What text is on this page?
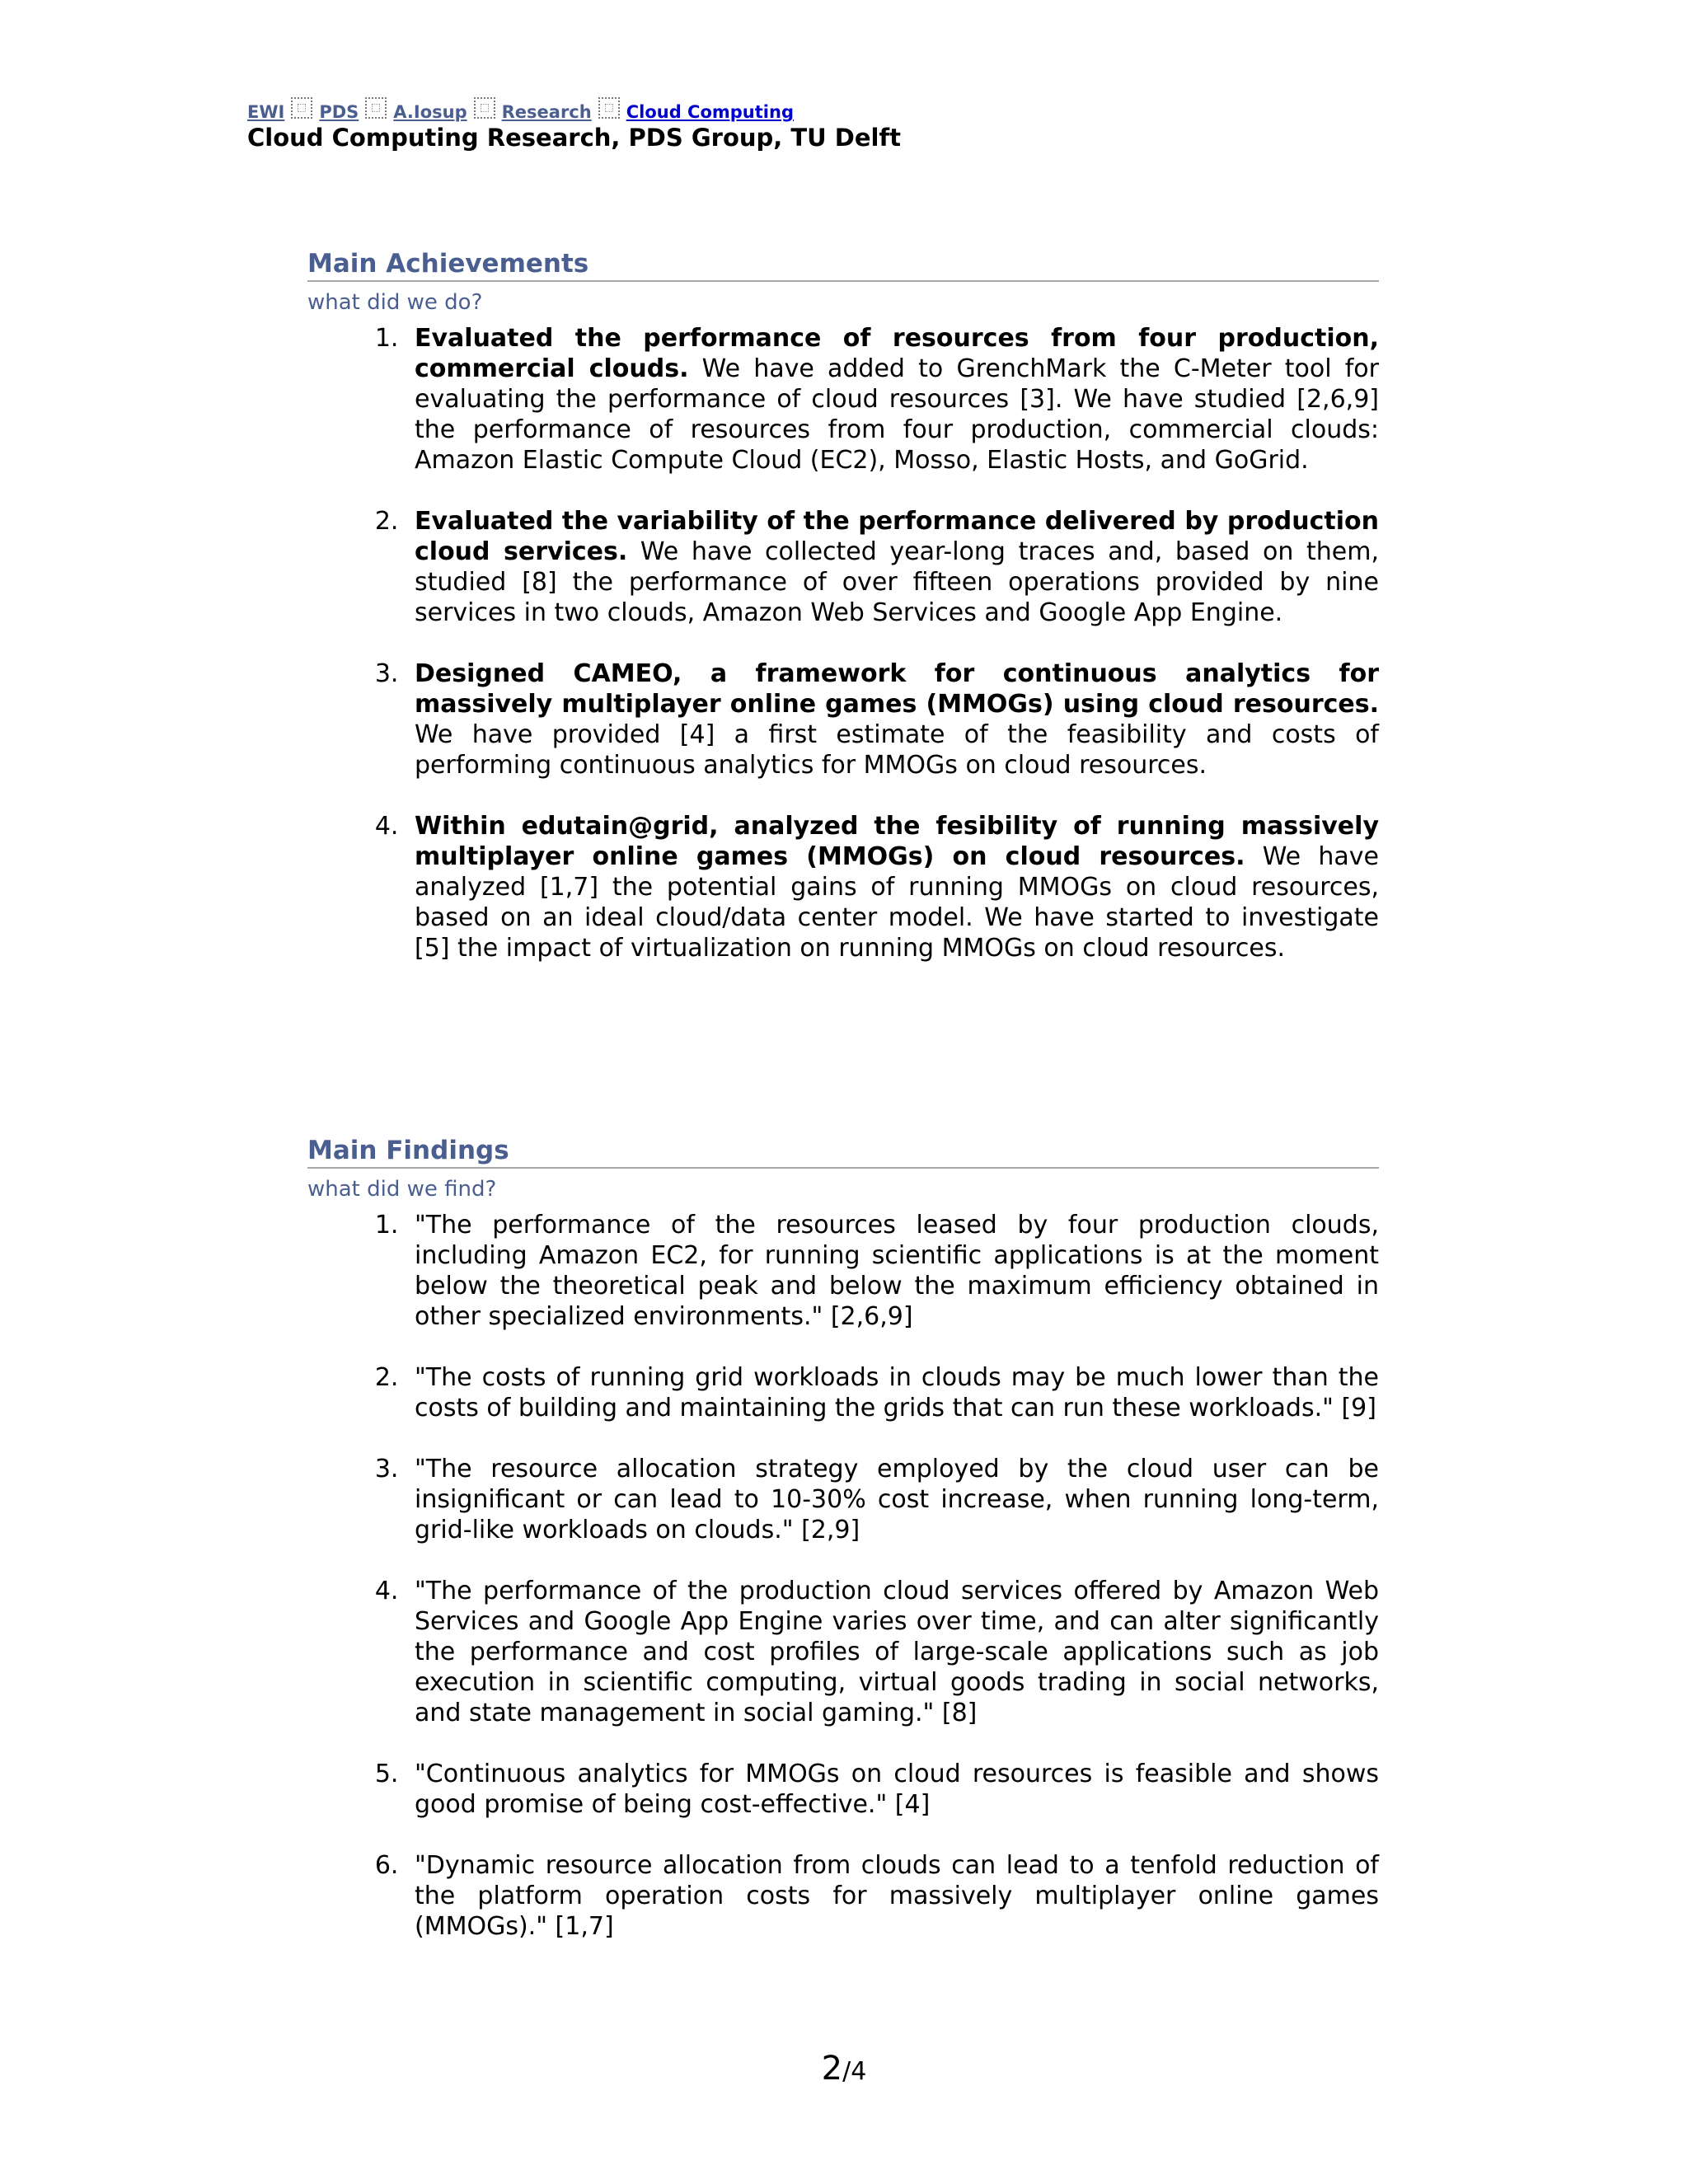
EWI PDS A.Iosup Research Cloud Computing
Cloud Computing Research, PDS Group, TU Delft
Main Achievements
what did we do?
1. Evaluated the performance of resources from four production, commercial clouds. We have added to GrenchMark the C-Meter tool for evaluating the performance of cloud resources [3]. We have studied [2,6,9] the performance of resources from four production, commercial clouds: Amazon Elastic Compute Cloud (EC2), Mosso, Elastic Hosts, and GoGrid.
2. Evaluated the variability of the performance delivered by production cloud services. We have collected year-long traces and, based on them, studied [8] the performance of over fifteen operations provided by nine services in two clouds, Amazon Web Services and Google App Engine.
3. Designed CAMEO, a framework for continuous analytics for massively multiplayer online games (MMOGs) using cloud resources. We have provided [4] a first estimate of the feasibility and costs of performing continuous analytics for MMOGs on cloud resources.
4. Within edutain@grid, analyzed the fesibility of running massively multiplayer online games (MMOGs) on cloud resources. We have analyzed [1,7] the potential gains of running MMOGs on cloud resources, based on an ideal cloud/data center model. We have started to investigate [5] the impact of virtualization on running MMOGs on cloud resources.
Main Findings
what did we find?
1. "The performance of the resources leased by four production clouds, including Amazon EC2, for running scientific applications is at the moment below the theoretical peak and below the maximum efficiency obtained in other specialized environments." [2,6,9]
2. "The costs of running grid workloads in clouds may be much lower than the costs of building and maintaining the grids that can run these workloads." [9]
3. "The resource allocation strategy employed by the cloud user can be insignificant or can lead to 10-30% cost increase, when running long-term, grid-like workloads on clouds." [2,9]
4. "The performance of the production cloud services offered by Amazon Web Services and Google App Engine varies over time, and can alter significantly the performance and cost profiles of large-scale applications such as job execution in scientific computing, virtual goods trading in social networks, and state management in social gaming." [8]
5. "Continuous analytics for MMOGs on cloud resources is feasible and shows good promise of being cost-effective." [4]
6. "Dynamic resource allocation from clouds can lead to a tenfold reduction of the platform operation costs for massively multiplayer online games (MMOGs)." [1,7]
2/4
